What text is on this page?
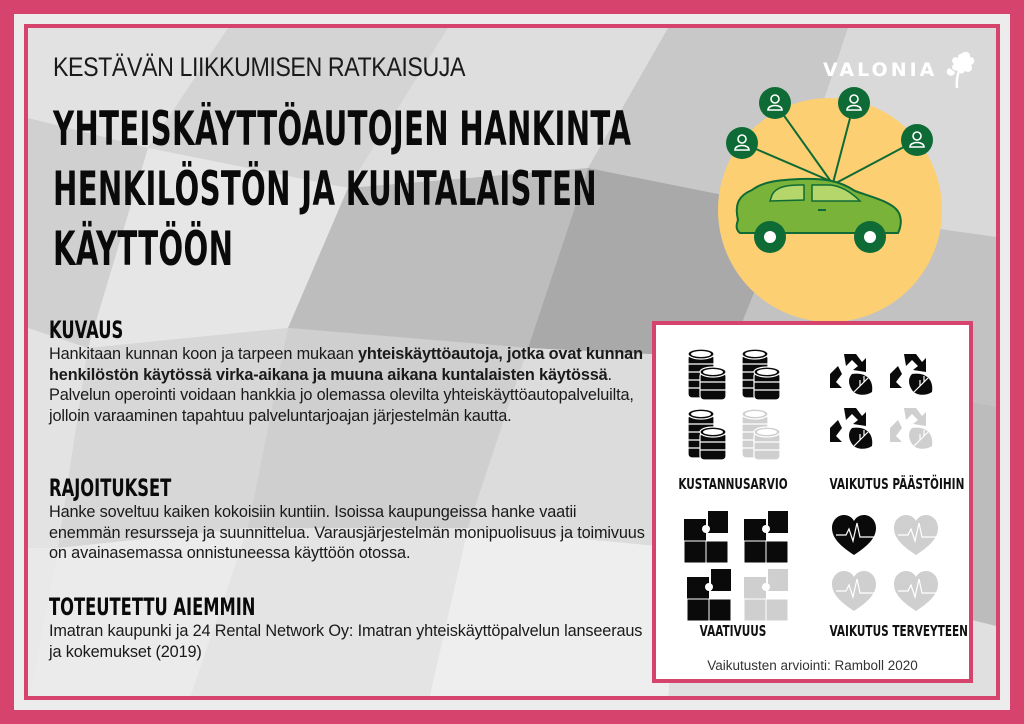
KESTÄVÄN LIIKKUMISEN RATKAISUJA
YHTEISKÄYTTÖAUTOJEN HANKINTA
HENKILÖSTÖN JA KUNTALAISTEN
KÄYTTÖÖN
VALONIA
KUVAUS

Hankitaan kunnan koon ja tarpeen mukaan yhteiskäyttöautoja, jotka ovat kunnan henkilöstön käytössä virka-aikana ja muuna aikana kuntalaisten käytössä. Palvelun operointi voidaan hankkia jo olemassa olevilta yhteiskäyttöautopalveluilta, jolloin varaaminen tapahtuu palveluntarjoajan järjestelmän kautta.

RAJOITUKSET

Hanke soveltuu kaiken kokoisiin kuntiin. Isoissa kaupungeissa hanke vaatii enemmän resursseja ja suunnittelua. Varausjärjestelmän monipuolisuus ja toimivuus on avainasemassa onnistuneessa käyttöön otossa.

TOTEUTETTU AIEMMIN

Imatran kaupunki ja 24 Rental Network Oy: Imatran yhteiskäyttöpalvelun lanseeraus ja kokemukset (2019)

KUSTANNUSARVIO	VAIKUTUS PÄÄSTÖIHIN
VAATIVUUS	VAIKUTUS TERVEYTEEN
Vaikutusten arviointi: Ramboll 2020
